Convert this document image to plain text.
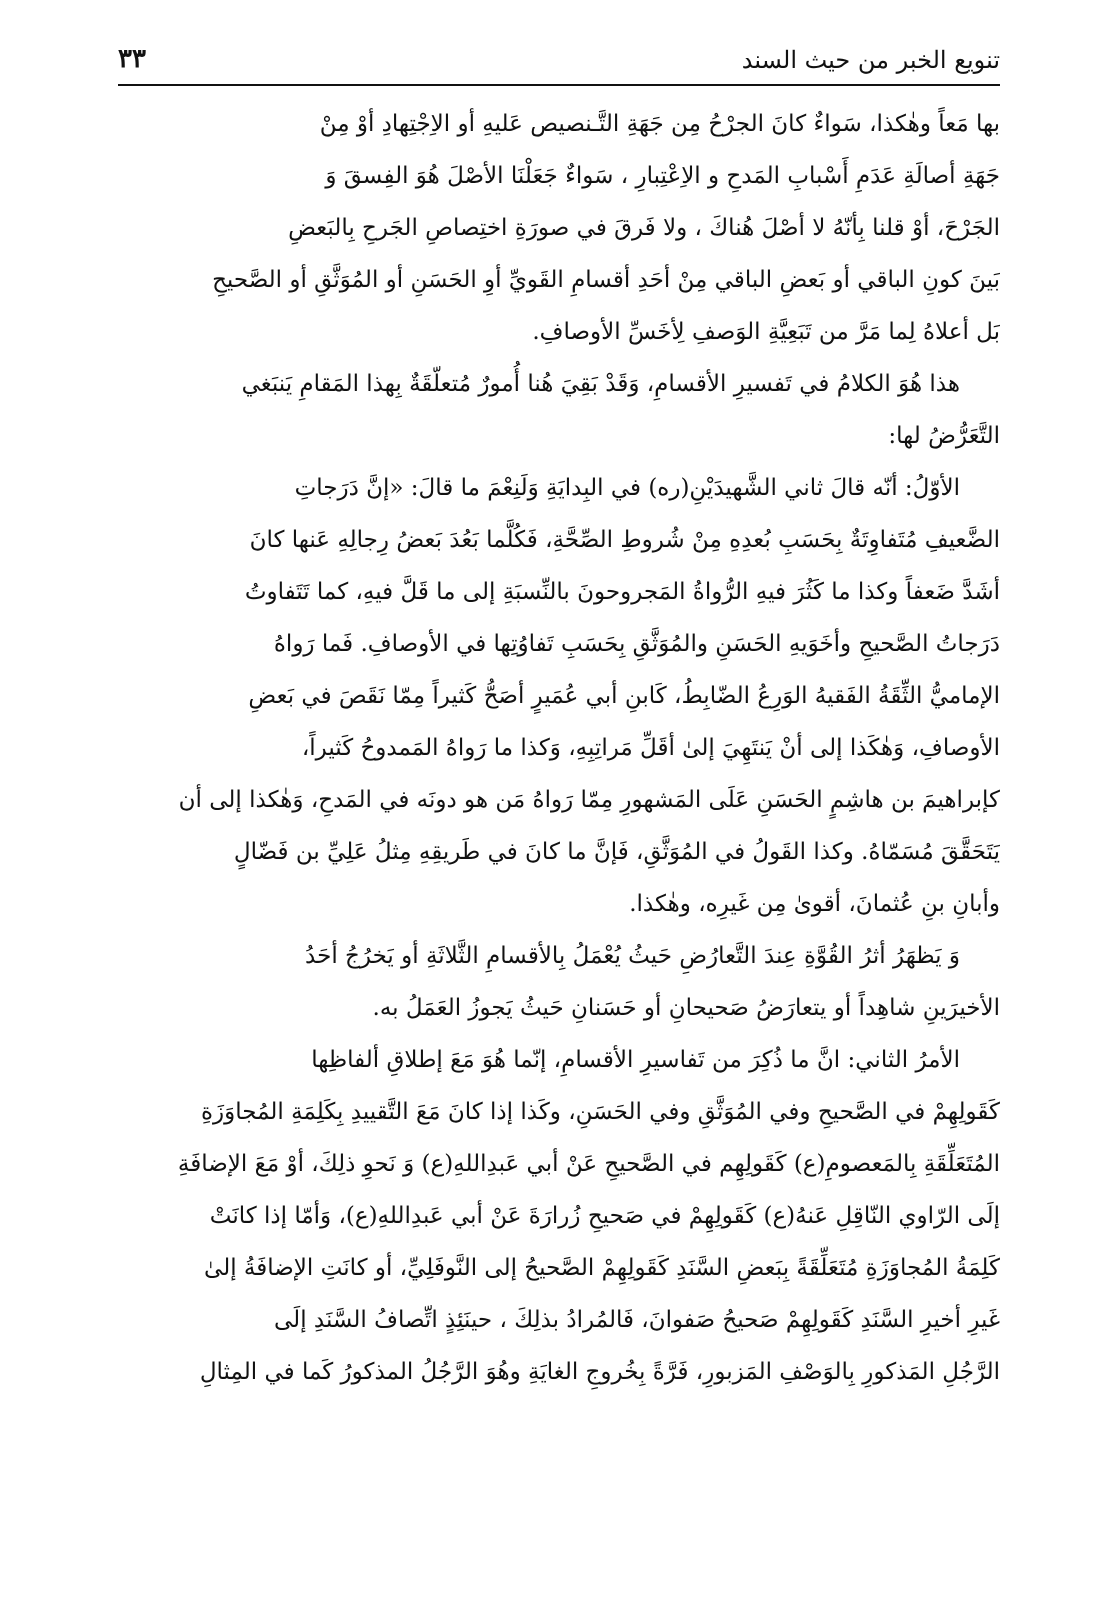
تنويع الخبر من حيث السند
٣٣

بها مَعاً وهٰكذا، سَواءٌ كانَ الجرْحُ مِن جَهَةِ التَّـنصيص عَليهِ أو الاِجْتِهادِ أوْ مِنْ
جَهَةِ أصالَةِ عَدَمِ أَسْبابِ المَدحِ و الاِعْتِبارِ ، سَواءٌ جَعَلْنَا الأصْلَ هُوَ الفِسقَ وَ
الجَرْحَ، أوْ قلنا بِأنّهُ لا أصْلَ هُناكَ ، ولا فَرقَ في صورَةِ اختِصاصِ الجَرحِ بِالبَعضِ
بَينَ كونِ الباقي أو بَعضِ الباقي مِنْ أحَدِ أقسامِ القَويِّ أوِ الحَسَنِ أو المُوَثَّقِ أو الصَّحيحِ
بَل أعلاهُ لِما مَرَّ من تَبَعِيَّةِ الوَصفِ لِأخَسِّ الأوصافِ.

هذا هُوَ الكلامُ في تَفسيرِ الأقسامِ، وَقَدْ بَقِيَ هُنا أُمورٌ مُتعلّقَةٌ بِهذا المَقامِ يَنبَغي
التَّعَرُّضُ لها:

الأوّلُ: أنّه قالَ ثاني الشَّهيدَيْنِ(ره) في البِدايَةِ وَلَنِعْمَ ما قالَ: «إنَّ دَرَجاتِ
الضَّعيفِ مُتَفاوِتَةٌ بِحَسَبِ بُعدِهِ مِنْ شُروطِ الصِّحَّةِ، فَكُلَّما بَعُدَ بَعضُ رِجالِهِ عَنها كانَ
أشَدَّ ضَعفاً وكذا ما كَثُرَ فيهِ الرُّواةُ المَجروحونَ بالنِّسبَةِ إلى ما قَلَّ فيهِ، كما تَتَفاوتُ
دَرَجاتُ الصَّحيحِ وأخَوَيهِ الحَسَنِ والمُوَثَّقِ بِحَسَبِ تَفاوُتِها في الأوصافِ. فَما رَواهُ
الإماميُّ الثِّقَةُ الفَقيهُ الوَرِعُ الضّابِطُ، كَابنِ أبي عُمَيرٍ أصَحُّ كَثيراً مِمّا نَقَصَ في بَعضِ
الأوصافِ، وَهٰكَذا إلى أنْ يَنتَهِيَ إلىٰ أقَلِّ مَراتِبِهِ، وَكذا ما رَواهُ المَمدوحُ كَثيراً،
كإبراهيمَ بن هاشِمٍ الحَسَنِ عَلَى المَشهورِ مِمّا رَواهُ مَن هو دونَه في المَدحِ، وَهٰكذا إلى أن
يَتَحَقَّقَ مُسَمّاهُ. وكذا القَولُ في المُوَثَّقِ، فَإنَّ ما كانَ في طَريقِهِ مِثلُ عَلِيِّ بن فَضّالٍ
وأبانِ بنِ عُثمانَ، أقوىٰ مِن غَيرِه، وهٰكذا.

وَ يَظهَرُ أثرُ القُوَّةِ عِندَ التَّعارُضِ حَيثُ يُعْمَلُ بِالأقسامِ الثَّلاثَةِ أو يَخرُجُ أحَدُ
الأخيرَينِ شاهِداً أو يتعارَضُ صَحيحانِ أو حَسَنانِ حَيثُ يَجوزُ العَمَلُ به.

الأمرُ الثاني: انَّ ما ذُكِرَ من تَفاسيرِ الأقسامِ، إنّما هُوَ مَعَ إطلاقِ ألفاظِها
كَقَولِهِمْ في الصَّحيحِ وفي المُوَثَّقِ وفي الحَسَنِ، وكَذا إذا كانَ مَعَ التَّقييدِ بِكَلِمَةِ المُجاوَزَةِ
المُتَعَلِّقَةِ بِالمَعصومِ(ع) كَقَولِهِم في الصَّحيحِ عَنْ أبي عَبدِاللهِ(ع) وَ نَحوِ ذلِكَ، أوْ مَعَ الإضافَةِ
إلَى الرّاوي النّاقِلِ عَنهُ(ع) كَقَولِهِمْ في صَحيحِ زُرارَةَ عَنْ أبي عَبدِاللهِ(ع)، وَأمّا إذا كانَتْ
كَلِمَةُ المُجاوَزَةِ مُتَعَلِّقَةً بِبَعضِ السَّنَدِ كَقَولِهِمْ الصَّحيحُ إلى النَّوفَلِيِّ، أو كانَتِ الإضافَةُ إلىٰ
غَيرِ أخيرِ السَّنَدِ كَقَولِهِمْ صَحيحُ صَفوانَ، فَالمُرادُ بذلِكَ ، حينَئِذٍ اتِّصافُ السَّنَدِ إلَى
الرَّجُلِ المَذكورِ بِالوَصْفِ المَزبورِ، فَرَّةً بِخُروجِ الغايَةِ وهُوَ الرَّجُلُ المذكورُ كَما في المِثالِ
